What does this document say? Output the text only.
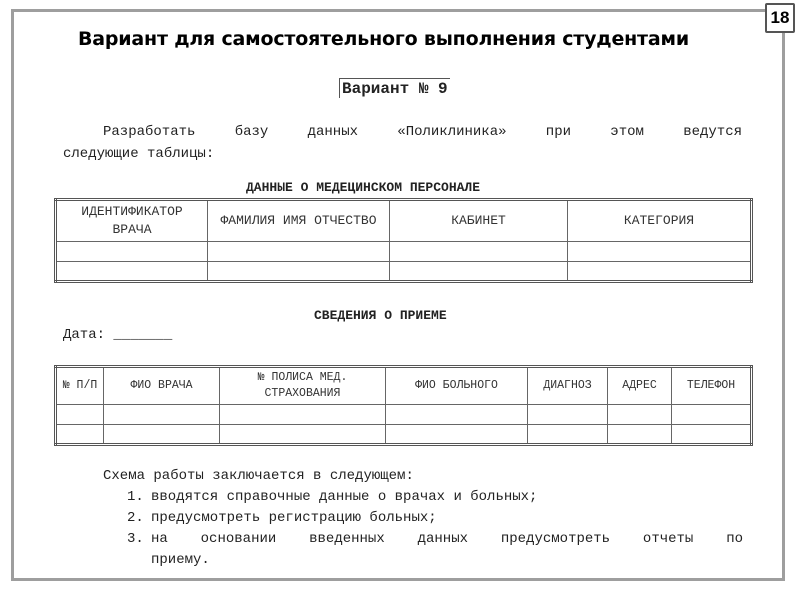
18
Вариант для самостоятельного выполнения студентами
Вариант № 9
Разработать	базу	данных	«Поликлиника»	при	этом	ведутся
следующие таблицы:
ДАННЫЕ О МЕДЕЦИНСКОМ ПЕРСОНАЛЕ
ИДЕНТИФИКАТОР ВРАЧА	ФАМИЛИЯ ИМЯ ОТЧЕСТВО	КАБИНЕТ	КАТЕГОРИЯ

СВЕДЕНИЯ О ПРИЕМЕ
Дата: _______
№ П/П	ФИО ВРАЧА	№ ПОЛИСА МЕД. СТРАХОВАНИЯ	ФИО БОЛЬНОГО	ДИАГНОЗ	АДРЕС	ТЕЛЕФОН

Схема работы заключается в следующем:
1. вводятся справочные данные о врачах и больных;
2. предусмотреть регистрацию больных;
3. на основании введенных данных предусмотреть отчеты по
приему.
